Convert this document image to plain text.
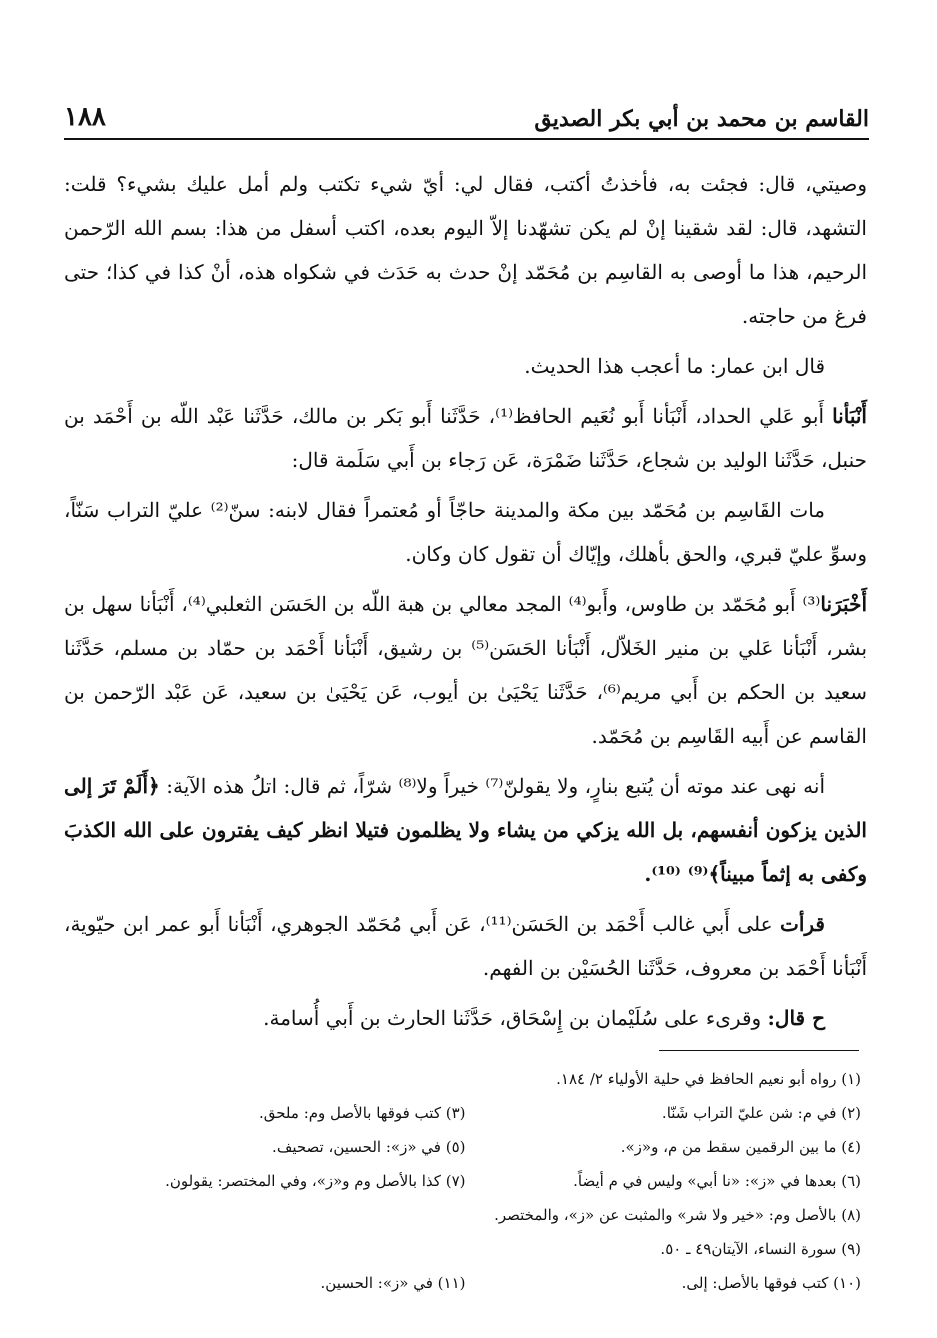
القاسم بن محمد بن أبي بكر الصديق
١٨٨

وصيتي، قال: فجئت به، فأخذتُ أكتب، فقال لي: أيّ شيء تكتب ولم أمل عليك بشيء؟ قلت: التشهد، قال: لقد شقينا إنْ لم يكن تشهّدنا إلاّ اليوم بعده، اكتب أسفل من هذا: بسم الله الرّحمن الرحيم، هذا ما أوصى به القاسِم بن مُحَمّد إنْ حدث به حَدَث في شكواه هذه، أنْ كذا في كذا؛ حتى فرغ من حاجته.

قال ابن عمار: ما أعجب هذا الحديث.

أَنْبَأنا أَبو عَلي الحداد، أَنْبَأنا أَبو نُعَيم الحافظ⁽¹⁾، حَدَّثَنا أَبو بَكر بن مالك، حَدَّثَنا عَبْد اللّه بن أَحْمَد بن حنبل، حَدَّثَنا الوليد بن شجاع، حَدَّثَنا ضَمْرَة، عَن رَجاء بن أَبي سَلَمة قال:

مات القَاسِم بن مُحَمّد بين مكة والمدينة حاجّاً أو مُعتمراً فقال لابنه: سنّ⁽²⁾ عليّ التراب سَنّاً، وسوِّ عليّ قبري، والحق بأهلك، وإيّاك أن تقول كان وكان.

أَخْبَرَنا⁽³⁾ أَبو مُحَمّد بن طاوس، وأَبو⁽⁴⁾ المجد معالي بن هبة اللّه بن الحَسَن الثعلبي⁽⁴⁾، أَنْبَأنا سهل بن بشر، أَنْبَأنا عَلي بن منير الخَلاّل، أَنْبَأنا الحَسَن⁽⁵⁾ بن رشيق، أَنْبَأنا أَحْمَد بن حمّاد بن مسلم، حَدَّثَنا سعيد بن الحكم بن أَبي مريم⁽⁶⁾، حَدَّثَنا يَحْيَىٰ بن أيوب، عَن يَحْيَىٰ بن سعيد، عَن عَبْد الرّحمن بن القاسم عن أَبيه القَاسِم بن مُحَمّد.

أنه نهى عند موته أن يُتبع بنارٍ، ولا يقولنّ⁽⁷⁾ خيراً ولا⁽⁸⁾ شرّاً، ثم قال: اتلُ هذه الآية: ﴿أَلَمْ تَرَ إلى الذين يزكون أنفسهم، بل الله يزكي من يشاء ولا يظلمون فتيلا انظر كيف يفترون على الله الكذبَ وكفى به إثماً مبيناً﴾⁽⁹⁾ ⁽¹⁰⁾.

قرأت على أَبي غالب أَحْمَد بن الحَسَن⁽¹¹⁾، عَن أَبي مُحَمّد الجوهري، أَنْبَأنا أَبو عمر ابن حيّوية، أَنْبَأنا أَحْمَد بن معروف، حَدَّثَنا الحُسَيْن بن الفهم.

ح قال: وقرىء على سُلَيْمان بن إِسْحَاق، حَدَّثَنا الحارث بن أَبي أُسامة.

(١) رواه أبو نعيم الحافظ في حلية الأولياء ٢/ ١٨٤.
(٢) في م: شن عليّ التراب شَنّا.
(٣) كتب فوقها بالأصل وم: ملحق.
(٤) ما بين الرقمين سقط من م، و«ز».
(٥) في «ز»: الحسين، تصحيف.
(٦) بعدها في «ز»: «نا أبي» وليس في م أيضاً.
(٧) كذا بالأصل وم و«ز»، وفي المختصر: يقولون.
(٨) بالأصل وم: «خير ولا شر» والمثبت عن «ز»، والمختصر.
(٩) سورة النساء، الآيتان٤٩ ـ ٥٠.
(١٠) كتب فوقها بالأصل: إلى.
(١١) في «ز»: الحسين.
